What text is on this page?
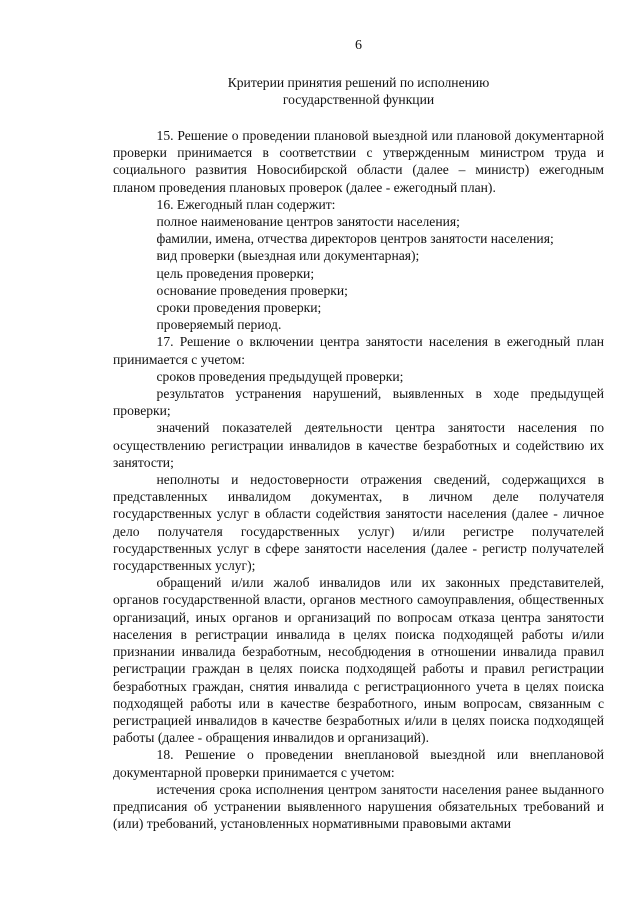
6
Критерии принятия решений по исполнению
государственной функции

15. Решение о проведении плановой выездной или плановой документарной проверки принимается в соответствии с утвержденным министром труда и социального развития Новосибирской области (далее – министр) ежегодным планом проведения плановых проверок (далее - ежегодный план).

16. Ежегодный план содержит:

полное наименование центров занятости населения;

фамилии, имена, отчества директоров центров занятости населения;

вид проверки (выездная или документарная);

цель проведения проверки;

основание проведения проверки;

сроки проведения проверки;

проверяемый период.

17. Решение о включении центра занятости населения в ежегодный план принимается с учетом:

сроков проведения предыдущей проверки;

результатов устранения нарушений, выявленных в ходе предыдущей проверки;

значений показателей деятельности центра занятости населения по осуществлению регистрации инвалидов в качестве безработных и содействию их занятости;

неполноты и недостоверности отражения сведений, содержащихся в представленных инвалидом документах, в личном деле получателя государственных услуг в области содействия занятости населения (далее - личное дело получателя государственных услуг) и/или регистре получателей государственных услуг в сфере занятости населения (далее - регистр получателей государственных услуг);

обращений и/или жалоб инвалидов или их законных представителей, органов государственной власти, органов местного самоуправления, общественных организаций, иных органов и организаций по вопросам отказа центра занятости населения в регистрации инвалида в целях поиска подходящей работы и/или признании инвалида безработным, несобдюдения в отношении инвалида правил регистрации граждан в целях поиска подходящей работы и правил регистрации безработных граждан, снятия инвалида с регистрационного учета в целях поиска подходящей работы или в качестве безработного, иным вопросам, связанным с регистрацией инвалидов в качестве безработных и/или в целях поиска подходящей работы (далее - обращения инвалидов и организаций).

18. Решение о проведении внеплановой выездной или внеплановой документарной проверки принимается с учетом:

истечения срока исполнения центром занятости населения ранее выданного предписания об устранении выявленного нарушения обязательных требований и (или) требований, установленных нормативными правовыми актами
